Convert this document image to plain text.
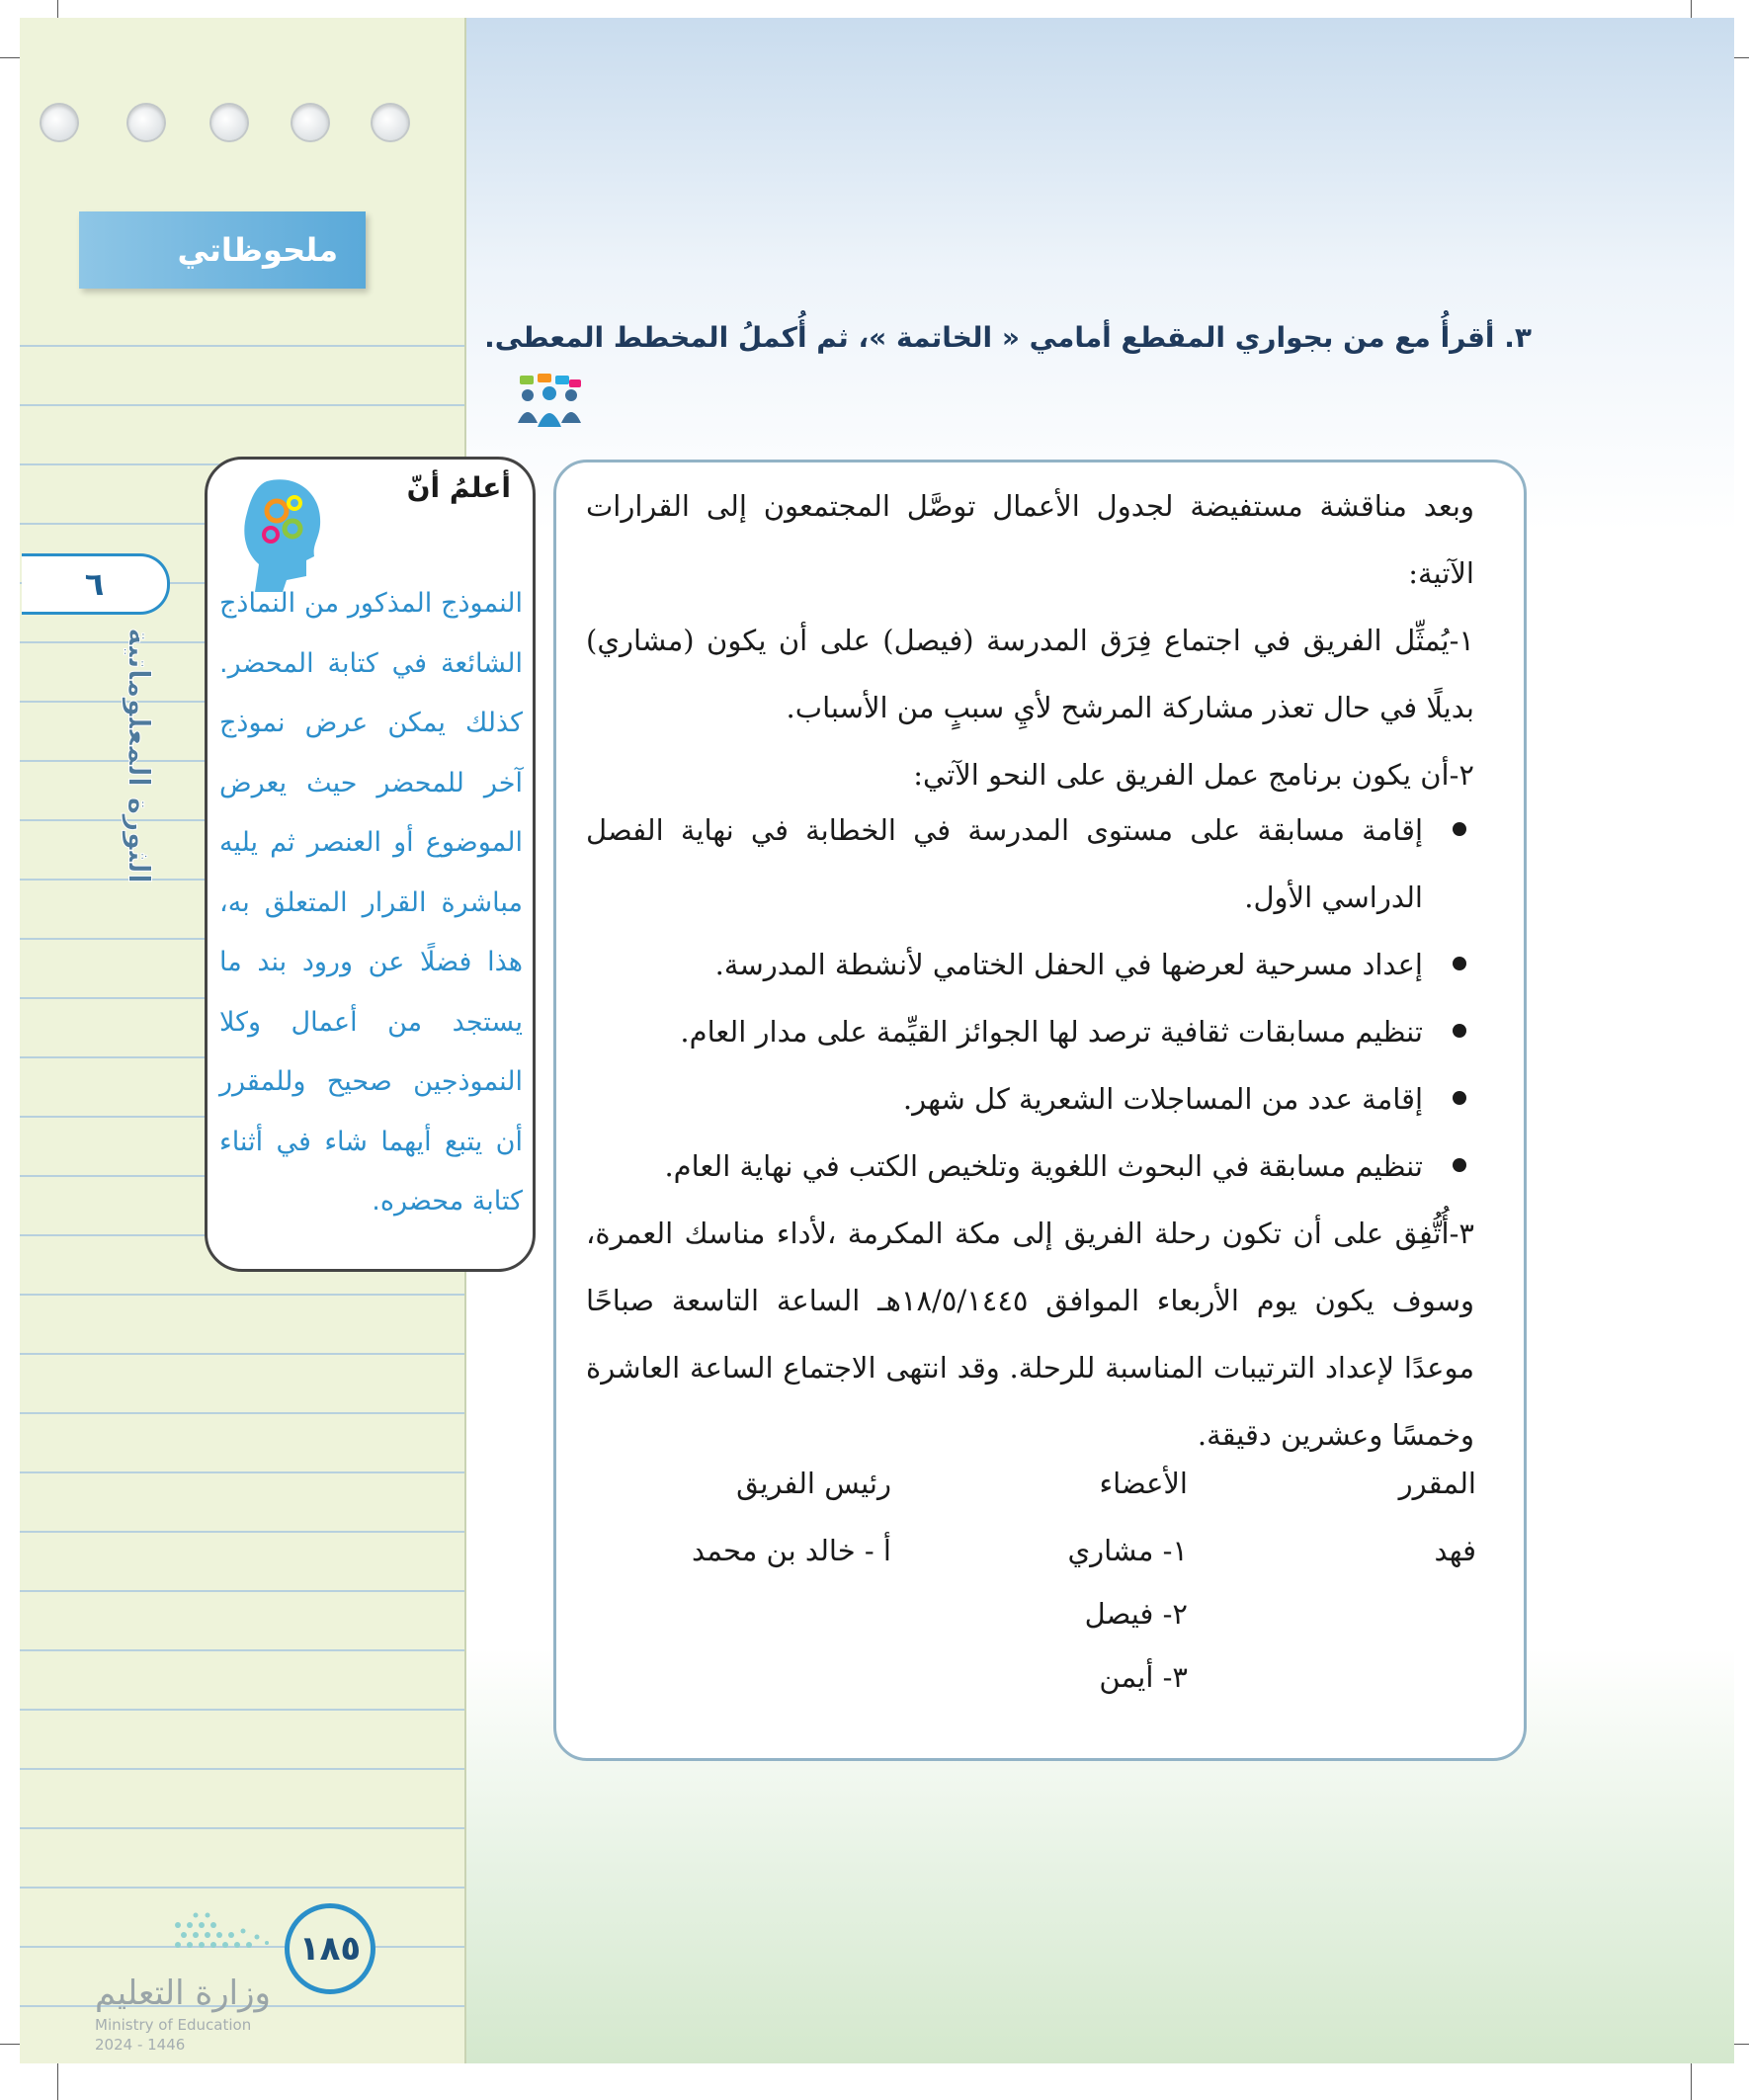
ملحوظاتي
٦
الثورة المعلوماتية
٣. أقرأُ مع من بجواري المقطع أمامي « الخاتمة »، ثم أُكملُ المخطط المعطى.
أعلمُ أنّ
النموذج المذكور من النماذج الشائعة في كتابة المحضر. كذلك يمكن عرض نموذج آخر للمحضر حيث يعرض الموضوع أو العنصر ثم يليه مباشرة القرار المتعلق به، هذا فضلًا عن ورود بند ما يستجد من أعمال وكلا النموذجين صحيح وللمقرر أن يتبع أيهما شاء في أثناء كتابة محضره.
وبعد مناقشة مستفيضة لجدول الأعمال توصَّل المجتمعون إلى القرارات الآتية:
١-يُمثِّل الفريق في اجتماع فِرَق المدرسة (فيصل) على أن يكون (مشاري) بديلًا في حال تعذر مشاركة المرشح لأيِ سببٍ من الأسباب.
٢-أن يكون برنامج عمل الفريق على النحو الآتي:
إقامة مسابقة على مستوى المدرسة في الخطابة في نهاية الفصل الدراسي الأول.
إعداد مسرحية لعرضها في الحفل الختامي لأنشطة المدرسة.
تنظيم مسابقات ثقافية ترصد لها الجوائز القيِّمة على مدار العام.
إقامة عدد من المساجلات الشعرية كل شهر.
تنظيم مسابقة في البحوث اللغوية وتلخيص الكتب في نهاية العام.
٣-أُتُّفِق على أن تكون رحلة الفريق إلى مكة المكرمة ،لأداء مناسك العمرة، وسوف يكون يوم الأربعاء الموافق ١٨/٥/١٤٤٥هـ الساعة التاسعة صباحًا موعدًا لإعداد الترتيبات المناسبة للرحلة. وقد انتهى الاجتماع الساعة العاشرة وخمسًا وعشرين دقيقة.
المقرر
فهد
الأعضاء
١- مشاري
٢- فيصل
٣- أيمن
رئيس الفريق
أ - خالد بن محمد
١٨٥
وزارة التعليم
Ministry of Education
2024 - 1446
